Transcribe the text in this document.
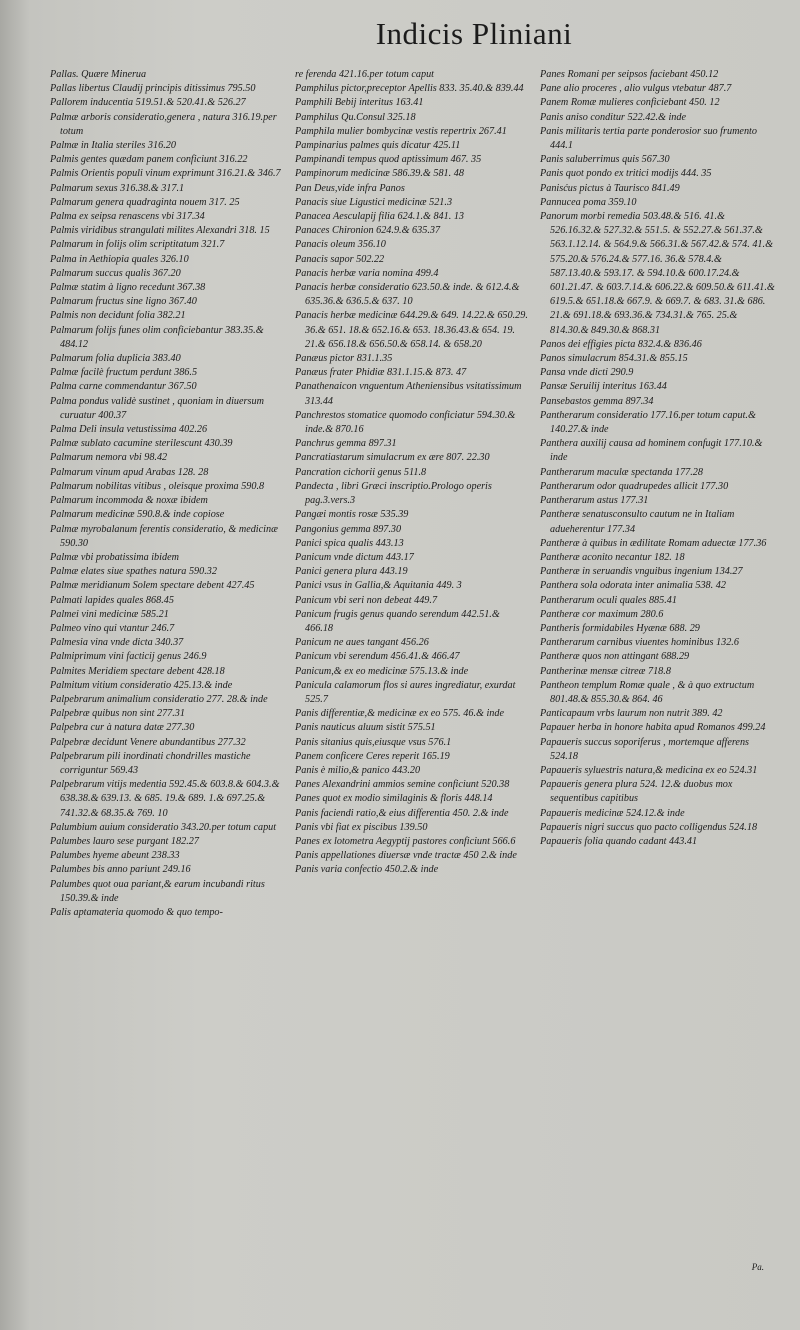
Indicis Pliniani
Pallas. Quære Minerua
Pallas libertus Claudij principis ditissimus 795.50
Pallorem inducentia 519.51.& 520.41.& 526.27
Palmæ arboris consideratio,genera , natura 316.19.per totum
Palmæ in Italia steriles 316.20
Palmis gentes quædam panem conficiunt 316.22
Palmis Orientis populi vinum exprimunt 316.21.& 346.7
Palmarum sexus 316.38.& 317.1
Palmarum genera quadraginta nouem 317. 25
Palma ex seipsa renascens vbi 317.34
Palmis viridibus strangulati milites Alexandri 318. 15
Palmarum in folijs olim scriptitatum 321.7
Palma in Aethiopia quales 326.10
Palmarum succus qualis 367.20
Palmæ statim à ligno recedunt 367.38
Palmarum fructus sine ligno 367.40
Palmis non decidunt folia 382.21
Palmarum folijs funes olim conficiebantur 383.35.& 484.12
Palmarum folia duplicia 383.40
Palmæ facilè fructum perdunt 386.5
Palma carne commendantur 367.50
Palma pondus validè sustinet , quoniam in diuersum curuatur 400.37
Palma Deli insula vetustissima 402.26
Palmæ sublato cacumine sterilescunt 430.39
Palmarum nemora vbi 98.42
Palmarum vinum apud Arabas 128. 28
Palmarum nobilitas vitibus , oleisque proxima 590.8
Palmarum incommoda & noxæ ibidem
Palmarum medicinæ 590.8.& inde copiose
Palmæ myrobalanum ferentis consideratio, & medicinæ 590.30
Palmæ vbi probatissima ibidem
Palmæ elates siue spathes natura 590.32
Palmæ meridianum Solem spectare debent 427.45
Palmati lapides quales 868.45
Palmei vini medicinæ 585.21
Palmeo vino qui vtantur 246.7
Palmesia vina vnde dicta 340.37
Palmiprimum vini facticij genus 246.9
Palmites Meridiem spectare debent 428.18
Palmitum vitium consideratio 425.13.& inde
Palpebrarum animalium consideratio 277. 28.& inde
Palpebræ quibus non sint 277.31
Palpebra cur à natura datæ 277.30
Palpebræ decidunt Venere abundantibus 277.32
Palpebrarum pili inordinati chondrilles mastiche corriguntur 569.43
Palpebrarum vitijs medentia 592.45.& 603.8.& 604.3.& 638.38.& 639.13. & 685. 19.& 689. 1.& 697.25.& 741.32.& 68.35.& 769. 10
Palumbium auium consideratio 343.20.per totum caput
Palumbes lauro sese purgant 182.27
Palumbes hyeme abeunt 238.33
Palumbes bis anno pariunt 249.16
Palumbes quot oua pariant,& earum incubandi ritus 150.39.& inde
Palis aptamateria quomodo & quo tempo-
re ferenda 421.16.per totum caput
Pamphilus pictor,preceptor Apellis 833. 35.40.& 839.44
Pamphili Bebij interitus 163.41
Pamphilus Qu.Consul 325.18
Pamphila mulier bombycinæ vestis repertrix 267.41
Pampinarius palmes quis dicatur 425.11
Pampinandi tempus quod aptissimum 467. 35
Pampinorum medicinæ 586.39.& 581. 48
Pan Deus,vide infra Panos
Panacis siue Ligustici medicinæ 521.3
Panacea Aesculapij filia 624.1.& 841. 13
Panaces Chironion 624.9.& 635.37
Panacis oleum 356.10
Panacis sapor 502.22
Panacis herbæ varia nomina 499.4
Panacis herbæ consideratio 623.50.& inde. & 612.4.& 635.36.& 636.5.& 637. 10
Panacis herbæ medicinæ 644.29.& 649. 14.22.& 650.29. 36.& 651. 18.& 652.16.& 653. 18.36.43.& 654. 19. 21.& 656.18.& 656.50.& 658.14. & 658.20
Panæus pictor 831.1.35
Panæus frater Phidiæ 831.1.15.& 873. 47
Panathenaicon vnguentum Atheniensibus vsitatissimum 313.44
Panchrestos stomatice quomodo conficiatur 594.30.& inde.& 870.16
Panchrus gemma 897.31
Pancratiastarum simulacrum ex ære 807. 22.30
Pancration cichorii genus 511.8
Pandecta , libri Græci inscriptio.Prologo operis pag.3.vers.3
Pangæi montis rosæ 535.39
Pangonius gemma 897.30
Panici spica qualis 443.13
Panicum vnde dictum 443.17
Panici genera plura 443.19
Panici vsus in Gallia,& Aquitania 449. 3
Panicum vbi seri non debeat 449.7
Panicum frugis genus quando serendum 442.51.& 466.18
Panicum ne aues tangant 456.26
Panicum vbi serendum 456.41.& 466.47
Panicum,& ex eo medicinæ 575.13.& inde
Panicula calamorum flos si aures ingrediatur, exurdat 525.7
Panis differentiæ,& medicinæ ex eo 575. 46.& inde
Panis nauticus aluum sistit 575.51
Panis sitanius quis,eiusque vsus 576.1
Panem conficere Ceres reperit 165.19
Panis è milio,& panico 443.20
Panes Alexandrini ammios semine conficiunt 520.38
Panes quot ex modio similaginis & floris 448.14
Panis faciendi ratio,& eius differentia 450. 2.& inde
Panis vbi fiat ex piscibus 139.50
Panes ex lotometra Aegyptij pastores conficiunt 566.6
Panis appellationes diuersæ vnde tractæ 450 2.& inde
Panis varia confectio 450.2.& inde
Panes Romani per seipsos faciebant 450.12
Pane alio proceres , alio vulgus vtebatur 487.7
Panem Romæ mulieres conficiebant 450. 12
Panis aniso conditur 522.42.& inde
Panis militaris tertia parte ponderosior suo frumento 444.1
Panis saluberrimus quis 567.30
Panis quot pondo ex tritici modijs 444. 35
Panisćus pictus à Taurisco 841.49
Pannucea poma 359.10
Panorum morbi remedia 503.48.& 516. 41.& 526.16.32.& 527.32.& 551.5. & 552.27.& 561.37.& 563.1.12.14. & 564.9.& 566.31.& 567.42.& 574. 41.& 575.20.& 576.24.& 577.16. 36.& 578.4.& 587.13.40.& 593.17. & 594.10.& 600.17.24.& 601.21.47. & 603.7.14.& 606.22.& 609.50.& 611.41.& 619.5.& 651.18.& 667.9. & 669.7. & 683. 31.& 686. 21.& 691.18.& 693.36.& 734.31.& 765. 25.& 814.30.& 849.30.& 868.31
Panos dei effigies picta 832.4.& 836.46
Panos simulacrum 854.31.& 855.15
Pansa vnde dicti 290.9
Pansæ Seruilij interitus 163.44
Pansebastos gemma 897.34
Pantherarum consideratio 177.16.per totum caput.& 140.27.& inde
Panthera auxilij causa ad hominem confugit 177.10.& inde
Pantherarum maculæ spectanda 177.28
Pantherarum odor quadrupedes allicit 177.30
Pantherarum astus 177.31
Pantheræ senatusconsulto cautum ne in Italiam adueherentur 177.34
Pantheræ à quibus in ædilitate Romam aduectæ 177.36
Pantheræ aconito necantur 182. 18
Pantheræ in seruandis vnguibus ingenium 134.27
Panthera sola odorata inter animalia 538. 42
Pantherarum oculi quales 885.41
Pantheræ cor maximum 280.6
Pantheris formidabiles Hyænæ 688. 29
Pantherarum carnibus viuentes hominibus 132.6
Pantheræ quos non attingant 688.29
Pantherinæ mensæ citreæ 718.8
Pantheon templum Romæ quale , & à quo extructum 801.48.& 855.30.& 864. 46
Panticapaum vrbs laurum non nutrit 389. 42
Papauer herba in honore habita apud Romanos 499.24
Papaueris succus soporiferus , mortemque afferens 524.18
Papaueris syluestris natura,& medicina ex eo 524.31
Papaueris genera plura 524. 12.& duobus mox sequentibus capitibus
Papaueris medicinæ 524.12.& inde
Papaueris nigri succus quo pacto colligendus 524.18
Papaueris folia quando cadant 443.41
Pa.
